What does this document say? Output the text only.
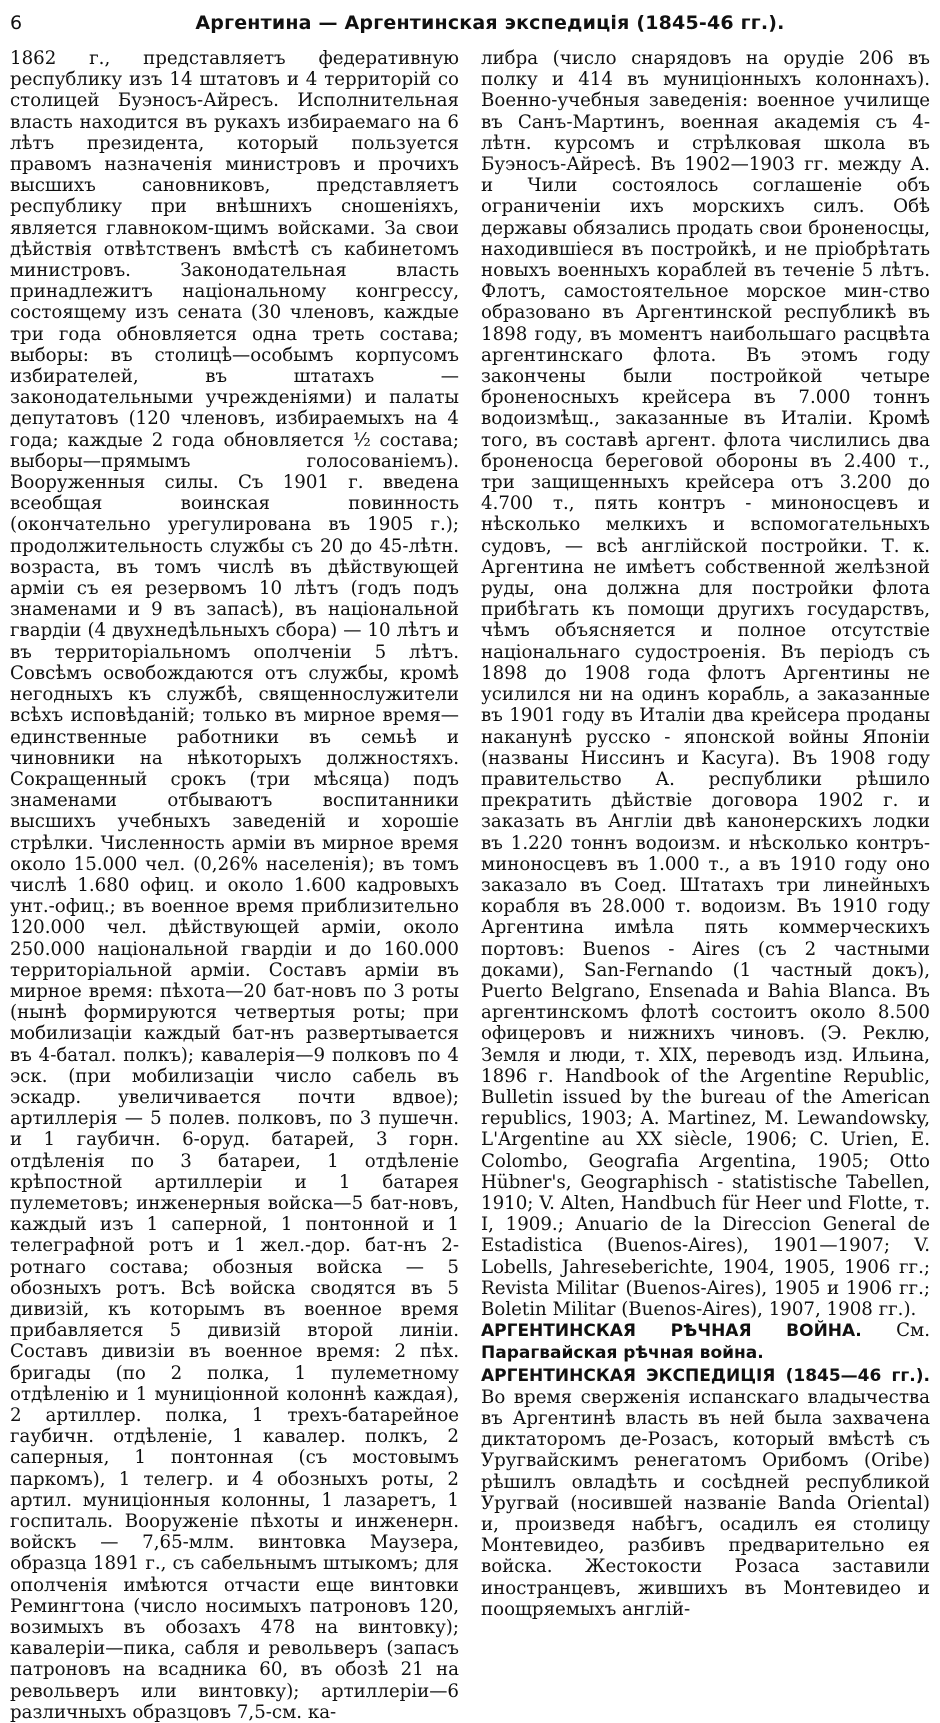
6	Аргентина — Аргентинская экспедиція (1845-46 гг.).

1862 г., представляетъ федеративную республику изъ 14 штатовъ и 4 территорій со столицей Буэносъ-Айресъ. Исполнительная власть находится въ рукахъ избираемаго на 6 лѣтъ президента, который пользуется правомъ назначенія министровъ и прочихъ высшихъ сановниковъ, представляетъ республику при внѣшнихъ сношеніяхъ, является главноком-щимъ войсками. За свои дѣйствія отвѣтственъ вмѣстѣ съ кабинетомъ министровъ. Законодательная власть принадлежитъ національному конгрессу, состоящему изъ сената (30 членовъ, каждые три года обновляется одна треть состава; выборы: въ столицѣ—особымъ корпусомъ избирателей, въ штатахъ — законодательными учрежденіями) и палаты депутатовъ (120 членовъ, избираемыхъ на 4 года; каждые 2 года обновляется ½ состава; выборы—прямымъ голосованіемъ). Вооруженныя силы. Съ 1901 г. введена всеобщая воинская повинность (окончательно урегулирована въ 1905 г.); продолжительность службы съ 20 до 45-лѣтн. возраста, въ томъ числѣ въ дѣйствующей арміи съ ея резервомъ 10 лѣтъ (годъ подъ знаменами и 9 въ запасѣ), въ національной гвардіи (4 двухнедѣльныхъ сбора) — 10 лѣтъ и въ территоріальномъ ополченіи 5 лѣтъ. Совсѣмъ освобождаются отъ службы, кромѣ негодныхъ къ службѣ, священнослужители всѣхъ исповѣданій; только въ мирное время—единственные работники въ семьѣ и чиновники на нѣкоторыхъ должностяхъ. Сокращенный срокъ (три мѣсяца) подъ знаменами отбываютъ воспитанники высшихъ учебныхъ заведеній и хорошіе стрѣлки. Численность арміи въ мирное время около 15.000 чел. (0,26% населенія); въ томъ числѣ 1.680 офиц. и около 1.600 кадровыхъ унт.-офиц.; въ военное время приблизительно 120.000 чел. дѣйствующей арміи, около 250.000 національной гвардіи и до 160.000 территоріальной арміи. Составъ арміи въ мирное время: пѣхота—20 бат-новъ по 3 роты (нынѣ формируются четвертыя роты; при мобилизаціи каждый бат-нъ развертывается въ 4-батал. полкъ); кавалерія—9 полковъ по 4 эск. (при мобилизаціи число сабель въ эскадр. увеличивается почти вдвое); артиллерія — 5 полев. полковъ, по 3 пушечн. и 1 гаубичн. 6-оруд. батарей, 3 горн. отдѣленія по 3 батареи, 1 отдѣленіе крѣпостной артиллеріи и 1 батарея пулеметовъ; инженерныя войска—5 бат-новъ, каждый изъ 1 саперной, 1 понтонной и 1 телеграфной ротъ и 1 жел.-дор. бат-нъ 2-ротнаго состава; обозныя войска — 5 обозныхъ ротъ. Всѣ войска сводятся въ 5 дивизій, къ которымъ въ военное время прибавляется 5 дивизій второй линіи. Составъ дивизіи въ военное время: 2 пѣх. бригады (по 2 полка, 1 пулеметному отдѣленію и 1 муниціонной колоннѣ каждая), 2 артиллер. полка, 1 трехъ-батарейное гаубичн. отдѣленіе, 1 кавалер. полкъ, 2 саперныя, 1 понтонная (съ мостовымъ паркомъ), 1 телегр. и 4 обозныхъ роты, 2 артил. муниціонныя колонны, 1 лазаретъ, 1 госпиталь. Вооруженіе пѣхоты и инженерн. войскъ — 7,65-млм. винтовка Маузера, образца 1891 г., съ сабельнымъ штыкомъ; для ополченія имѣются отчасти еще винтовки Ремингтона (число носимыхъ патроновъ 120, возимыхъ въ обозахъ 478 на винтовку); кавалеріи—пика, сабля и револьверъ (запасъ патроновъ на всадника 60, въ обозѣ 21 на револьверъ или винтовку); артиллеріи—6 различныхъ образцовъ 7,5-см. ка-

либра (число снарядовъ на орудіе 206 въ полку и 414 въ муниціонныхъ колоннахъ). Военно-учебныя заведенія: военное училище въ Санъ-Мартинъ, военная академія съ 4-лѣтн. курсомъ и стрѣлковая школа въ Буэносъ-Айресѣ. Въ 1902—1903 гг. между А. и Чили состоялось соглашеніе объ ограниченіи ихъ морскихъ силъ. Обѣ державы обязались продать свои броненосцы, находившіеся въ постройкѣ, и не пріобрѣтать новыхъ военныхъ кораблей въ теченіе 5 лѣтъ. Флотъ, самостоятельное морское мин-ство образовано въ Аргентинской республикѣ въ 1898 году, въ моментъ наибольшаго расцвѣта аргентинскаго флота. Въ этомъ году закончены были постройкой четыре броненосныхъ крейсера въ 7.000 тоннъ водоизмѣщ., заказанные въ Италіи. Кромѣ того, въ составѣ аргент. флота числились два броненосца береговой обороны въ 2.400 т., три защищенныхъ крейсера отъ 3.200 до 4.700 т., пять контръ - миноносцевъ и нѣсколько мелкихъ и вспомогательныхъ судовъ, — всѣ англійской постройки. Т. к. Аргентина не имѣетъ собственной желѣзной руды, она должна для постройки флота прибѣгать къ помощи другихъ государствъ, чѣмъ объясняется и полное отсутствіе національнаго судостроенія. Въ періодъ съ 1898 до 1908 года флотъ Аргентины не усилился ни на одинъ корабль, а заказанные въ 1901 году въ Италіи два крейсера проданы наканунѣ русско - японской войны Японіи (названы Ниссинъ и Касуга). Въ 1908 году правительство А. республики рѣшило прекратить дѣйствіе договора 1902 г. и заказать въ Англіи двѣ канонерскихъ лодки въ 1.220 тоннъ водоизм. и нѣсколько контръ-миноносцевъ въ 1.000 т., а въ 1910 году оно заказало въ Соед. Штатахъ три линейныхъ корабля въ 28.000 т. водоизм. Въ 1910 году Аргентина имѣла пять коммерческихъ портовъ: Buenos - Aires (съ 2 частными доками), San-Fernando (1 частный докъ), Puerto Belgrano, Ensenada и Bahia Blanca. Въ аргентинскомъ флотѣ состоитъ около 8.500 офицеровъ и нижнихъ чиновъ. (Э. Реклю, Земля и люди, т. XIX, переводъ изд. Ильина, 1896 г. Handbook of the Argentine Republic, Bulletin issued by the bureau of the American republics, 1903; A. Martinez, M. Lewandowsky, L'Argentine au XX siècle, 1906; C. Urien, E. Colombo, Geografia Argentina, 1905; Otto Hübner's, Geographisch - statistische Tabellen, 1910; V. Alten, Handbuch für Heer und Flotte, т. I, 1909.; Anuario de la Direccion General de Estadistica (Buenos-Aires), 1901—1907; V. Lobells, Jahreseberichte, 1904, 1905, 1906 гг.; Revista Militar (Buenos-Aires), 1905 и 1906 гг.; Boletin Militar (Buenos-Aires), 1907, 1908 гг.).

АРГЕНТИНСКАЯ РѢЧНАЯ ВОЙНА. См. Парагвайская рѣчная война.

АРГЕНТИНСКАЯ ЭКСПЕДИЦІЯ (1845—46 гг.). Во время сверженія испанскаго владычества въ Аргентинѣ власть въ ней была захвачена диктаторомъ де-Розасъ, который вмѣстѣ съ Уругвайскимъ ренегатомъ Орибомъ (Oribe) рѣшилъ овладѣть и сосѣдней республикой Уругвай (носившей названіе Banda Oriental) и, произведя набѣгъ, осадилъ ея столицу Монтевидео, разбивъ предварительно ея войска. Жестокости Розаса заставили иностранцевъ, жившихъ въ Монтевидео и поощряемыхъ англій-
